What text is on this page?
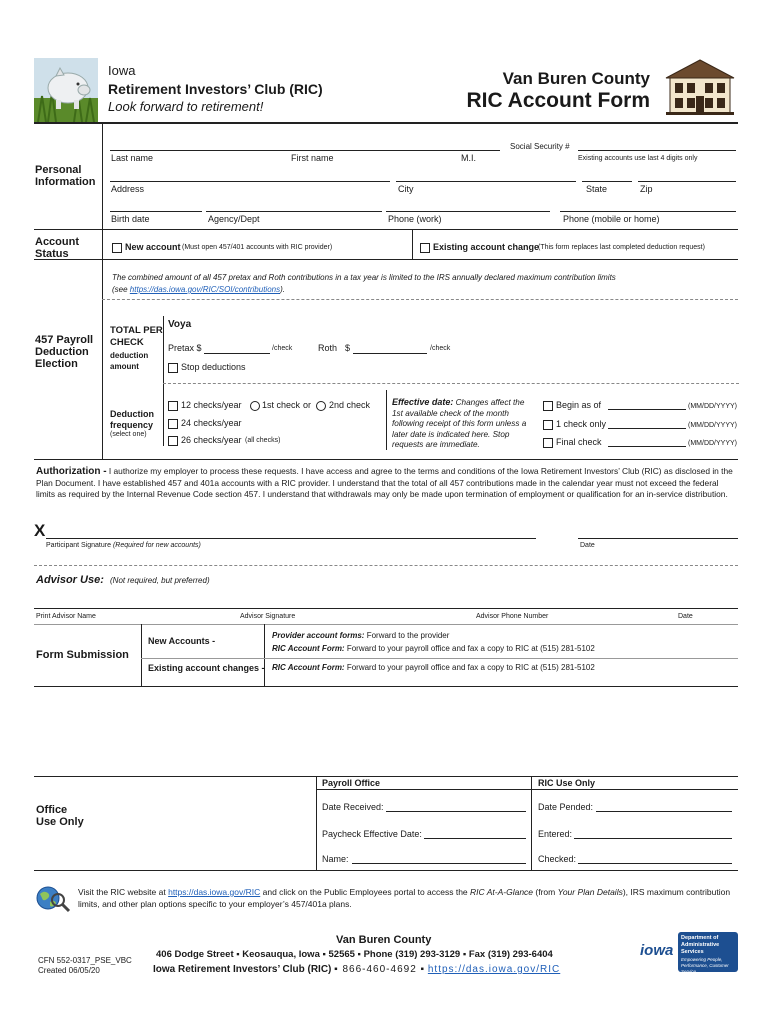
Iowa
Retirement Investors’ Club (RIC)
Look forward to retirement!
Van Buren County
RIC Account Form
Personal Information
Social Security #
Last name	First name	M.I.	Existing accounts use last 4 digits only
Address	City	State	Zip
Birth date	Agency/Dept	Phone (work)	Phone (mobile or home)
Account Status
New account (Must open 457/401 accounts with RIC provider)	Existing account change
(This form replaces last completed deduction request)
The combined amount of all 457 pretax and Roth contributions in a tax year is limited to the IRS annually declared maximum contribution limits
(see https://das.iowa.gov/RIC/SOI/contributions).
457 Payroll Deduction Election
TOTAL PER CHECK
deduction amount
Voya
Pretax $	/check	Roth $	/check
Stop deductions
Deduction frequency
(select one)
12 checks/year 1st check or 2nd check
24 checks/year
26 checks/year (all checks)
Effective date: Changes affect the 1st available check of the month following receipt of this form unless a later date is indicated here. Stop requests are immediate.
Begin as of	(MM/DD/YYYY)
1 check only	(MM/DD/YYYY)
Final check	(MM/DD/YYYY)
Authorization - I authorize my employer to process these requests. I have access and agree to the terms and conditions of the Iowa Retirement Investors’ Club (RIC) as disclosed in the Plan Document. I have established 457 and 401a accounts with a RIC provider. I understand that the total of all 457 contributions made in the calendar year must not exceed the federal limits as required by the Internal Revenue Code section 457. I understand that withdrawals may only be made upon termination of employment or qualification for an in-service distribution.
X
Participant Signature (Required for new accounts)	Date
Advisor Use: (Not required, but preferred)
Print Advisor Name	Advisor Signature	Advisor Phone Number	Date
Form Submission
New Accounts -
Provider account forms: Forward to the provider
RIC Account Form: Forward to your payroll office and fax a copy to RIC at (515) 281-5102
Existing account changes - RIC Account Form: Forward to your payroll office and fax a copy to RIC at (515) 281-5102
Office Use Only
Payroll Office	RIC Use Only
Date Received:	Date Pended:
Paycheck Effective Date:	Entered:
Name:	Checked:
Visit the RIC website at https://das.iowa.gov/RIC and click on the Public Employees portal to access the RIC At-A-Glance (from Your Plan Details), IRS maximum contribution limits, and other plan options specific to your employer’s 457/401a plans.
CFN 552-0317_PSE_VBC
Created 06/05/20
Van Buren County
406 Dodge Street ▪ Keosauqua, Iowa ▪ 52565 ▪ Phone (319) 293-3129 ▪ Fax (319) 293-6404
Iowa Retirement Investors’ Club (RIC) ▪ 866-460-4692 ▪ https://das.iowa.gov/RIC
iowa
Department of Administrative Services
Empowering People, Performance, Customer Service
